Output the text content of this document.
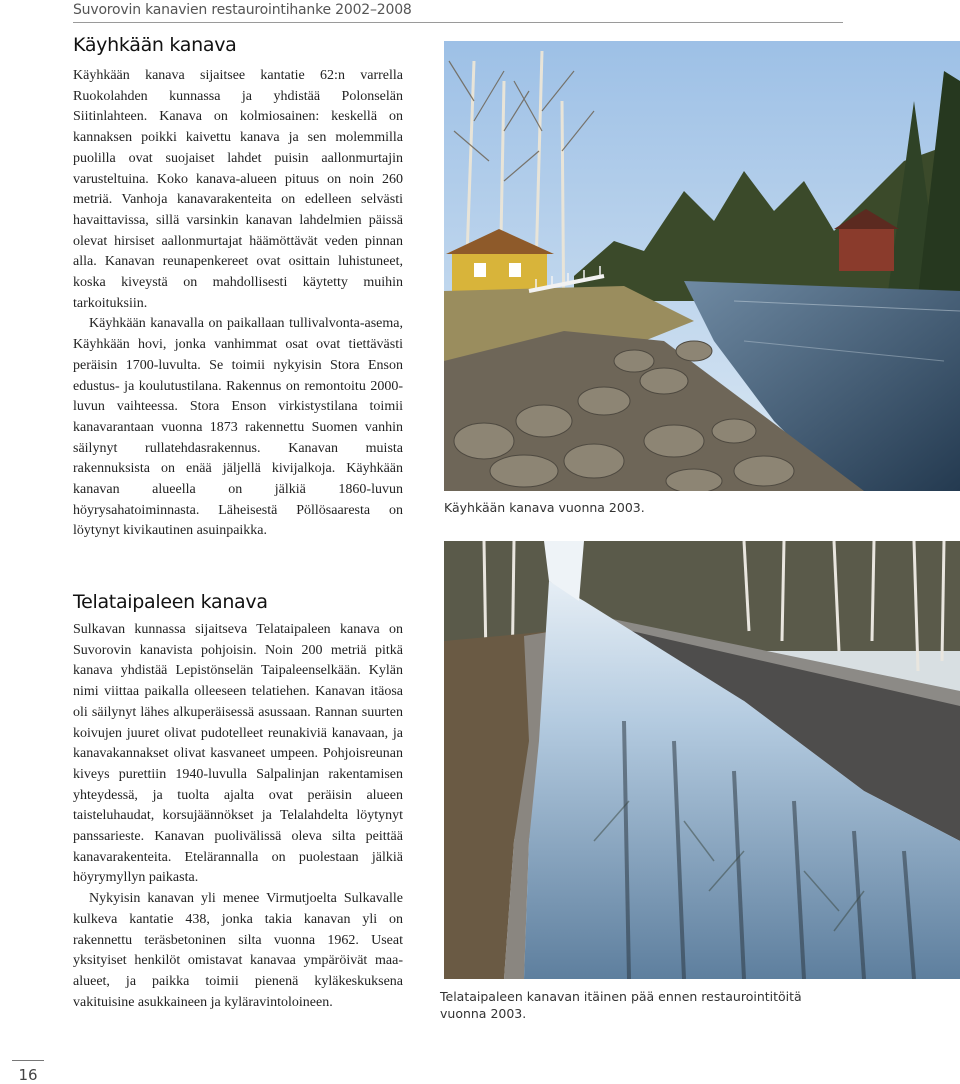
Suvorovin kanavien restaurointihanke 2002–2008
Käyhkään kanava

Käyhkään kanava sijaitsee kantatie 62:n varrella Ruokolahden kunnassa ja yhdistää Polonselän Siitinlahteen. Kanava on kolmiosainen: keskellä on kannaksen poikki kaivettu kanava ja sen molemmilla puolilla ovat suojaiset lahdet puisin aallonmurtajin varusteltuina. Koko kanava-alueen pituus on noin 260 metriä. Vanhoja kanavarakenteita on edelleen selvästi havaittavissa, sillä varsinkin kanavan lahdelmien päissä olevat hirsiset aallonmurtajat häämöttävät veden pinnan alla. Kanavan reunapenkereet ovat osittain luhistuneet, koska kiveystä on mahdollisesti käytetty muihin tarkoituksiin.

Käyhkään kanavalla on paikallaan tullivalvonta-asema, Käyhkään hovi, jonka vanhimmat osat ovat tiettävästi peräisin 1700-luvulta. Se toimii nykyisin Stora Enson edustus- ja koulutustilana. Rakennus on remontoitu 2000-luvun vaihteessa. Stora Enson virkistystilana toimii kanavarantaan vuonna 1873 rakennettu Suomen vanhin säilynyt rullatehdasrakennus. Kanavan muista rakennuksista on enää jäljellä kivijalkoja. Käyhkään kanavan alueella on jälkiä 1860-luvun höyrysahatoiminnasta. Läheisestä Pöllösaaresta on löytynyt kivikautinen asuinpaikka.

Telataipaleen kanava

Sulkavan kunnassa sijaitseva Telataipaleen kanava on Suvorovin kanavista pohjoisin. Noin 200 metriä pitkä kanava yhdistää Lepistönselän Taipaleenselkään. Kylän nimi viittaa paikalla olleeseen telatiehen. Kanavan itäosa oli säilynyt lähes alkuperäisessä asussaan. Rannan suurten koivujen juuret olivat pudotelleet reunakiviä kanavaan, ja kanavakannakset olivat kasvaneet umpeen. Pohjoisreunan kiveys purettiin 1940-luvulla Salpalinjan rakentamisen yhteydessä, ja tuolta ajalta ovat peräisin alueen taisteluhaudat, korsujäännökset ja Telalahdelta löytynyt panssarieste. Kanavan puolivälissä oleva silta peittää kanavarakenteita. Etelärannalla on puolestaan jälkiä höyrymyllyn paikasta.

Nykyisin kanavan yli menee Virmutjoelta Sulkavalle kulkeva kantatie 438, jonka takia kanavan yli on rakennettu teräsbetoninen silta vuonna 1962. Useat yksityiset henkilöt omistavat kanavaa ympäröivät maa-alueet, ja paikka toimii pienenä kyläkeskuksena vakituisine asukkaineen ja kyläravintoloineen.

Käyhkään kanava vuonna 2003.

Telataipaleen kanavan itäinen pää ennen restaurointitöitä vuonna 2003.

16
